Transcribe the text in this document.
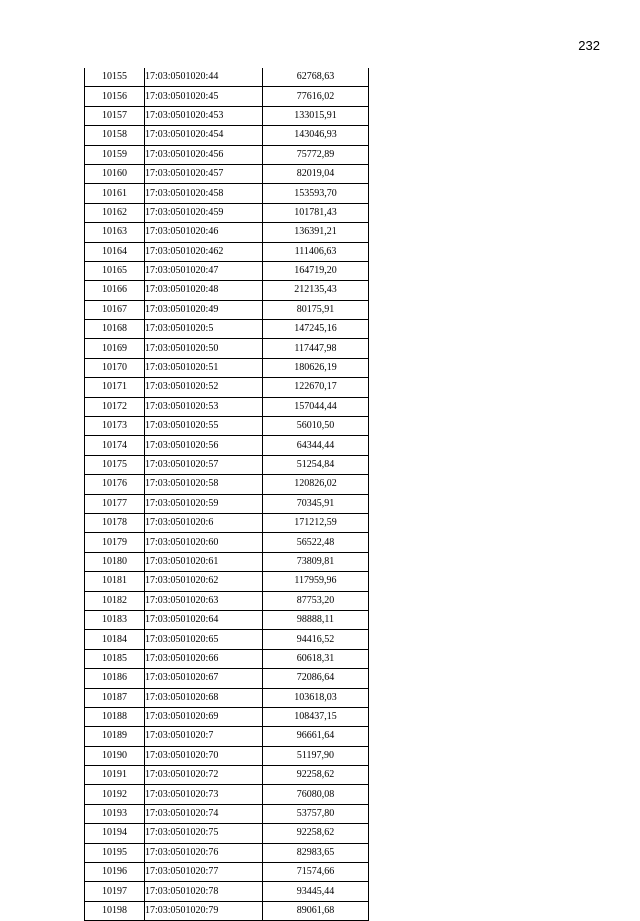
232
10155	17:03:0501020:44	62768,63
10156	17:03:0501020:45	77616,02
10157	17:03:0501020:453	133015,91
10158	17:03:0501020:454	143046,93
10159	17:03:0501020:456	75772,89
10160	17:03:0501020:457	82019,04
10161	17:03:0501020:458	153593,70
10162	17:03:0501020:459	101781,43
10163	17:03:0501020:46	136391,21
10164	17:03:0501020:462	111406,63
10165	17:03:0501020:47	164719,20
10166	17:03:0501020:48	212135,43
10167	17:03:0501020:49	80175,91
10168	17:03:0501020:5	147245,16
10169	17:03:0501020:50	117447,98
10170	17:03:0501020:51	180626,19
10171	17:03:0501020:52	122670,17
10172	17:03:0501020:53	157044,44
10173	17:03:0501020:55	56010,50
10174	17:03:0501020:56	64344,44
10175	17:03:0501020:57	51254,84
10176	17:03:0501020:58	120826,02
10177	17:03:0501020:59	70345,91
10178	17:03:0501020:6	171212,59
10179	17:03:0501020:60	56522,48
10180	17:03:0501020:61	73809,81
10181	17:03:0501020:62	117959,96
10182	17:03:0501020:63	87753,20
10183	17:03:0501020:64	98888,11
10184	17:03:0501020:65	94416,52
10185	17:03:0501020:66	60618,31
10186	17:03:0501020:67	72086,64
10187	17:03:0501020:68	103618,03
10188	17:03:0501020:69	108437,15
10189	17:03:0501020:7	96661,64
10190	17:03:0501020:70	51197,90
10191	17:03:0501020:72	92258,62
10192	17:03:0501020:73	76080,08
10193	17:03:0501020:74	53757,80
10194	17:03:0501020:75	92258,62
10195	17:03:0501020:76	82983,65
10196	17:03:0501020:77	71574,66
10197	17:03:0501020:78	93445,44
10198	17:03:0501020:79	89061,68
